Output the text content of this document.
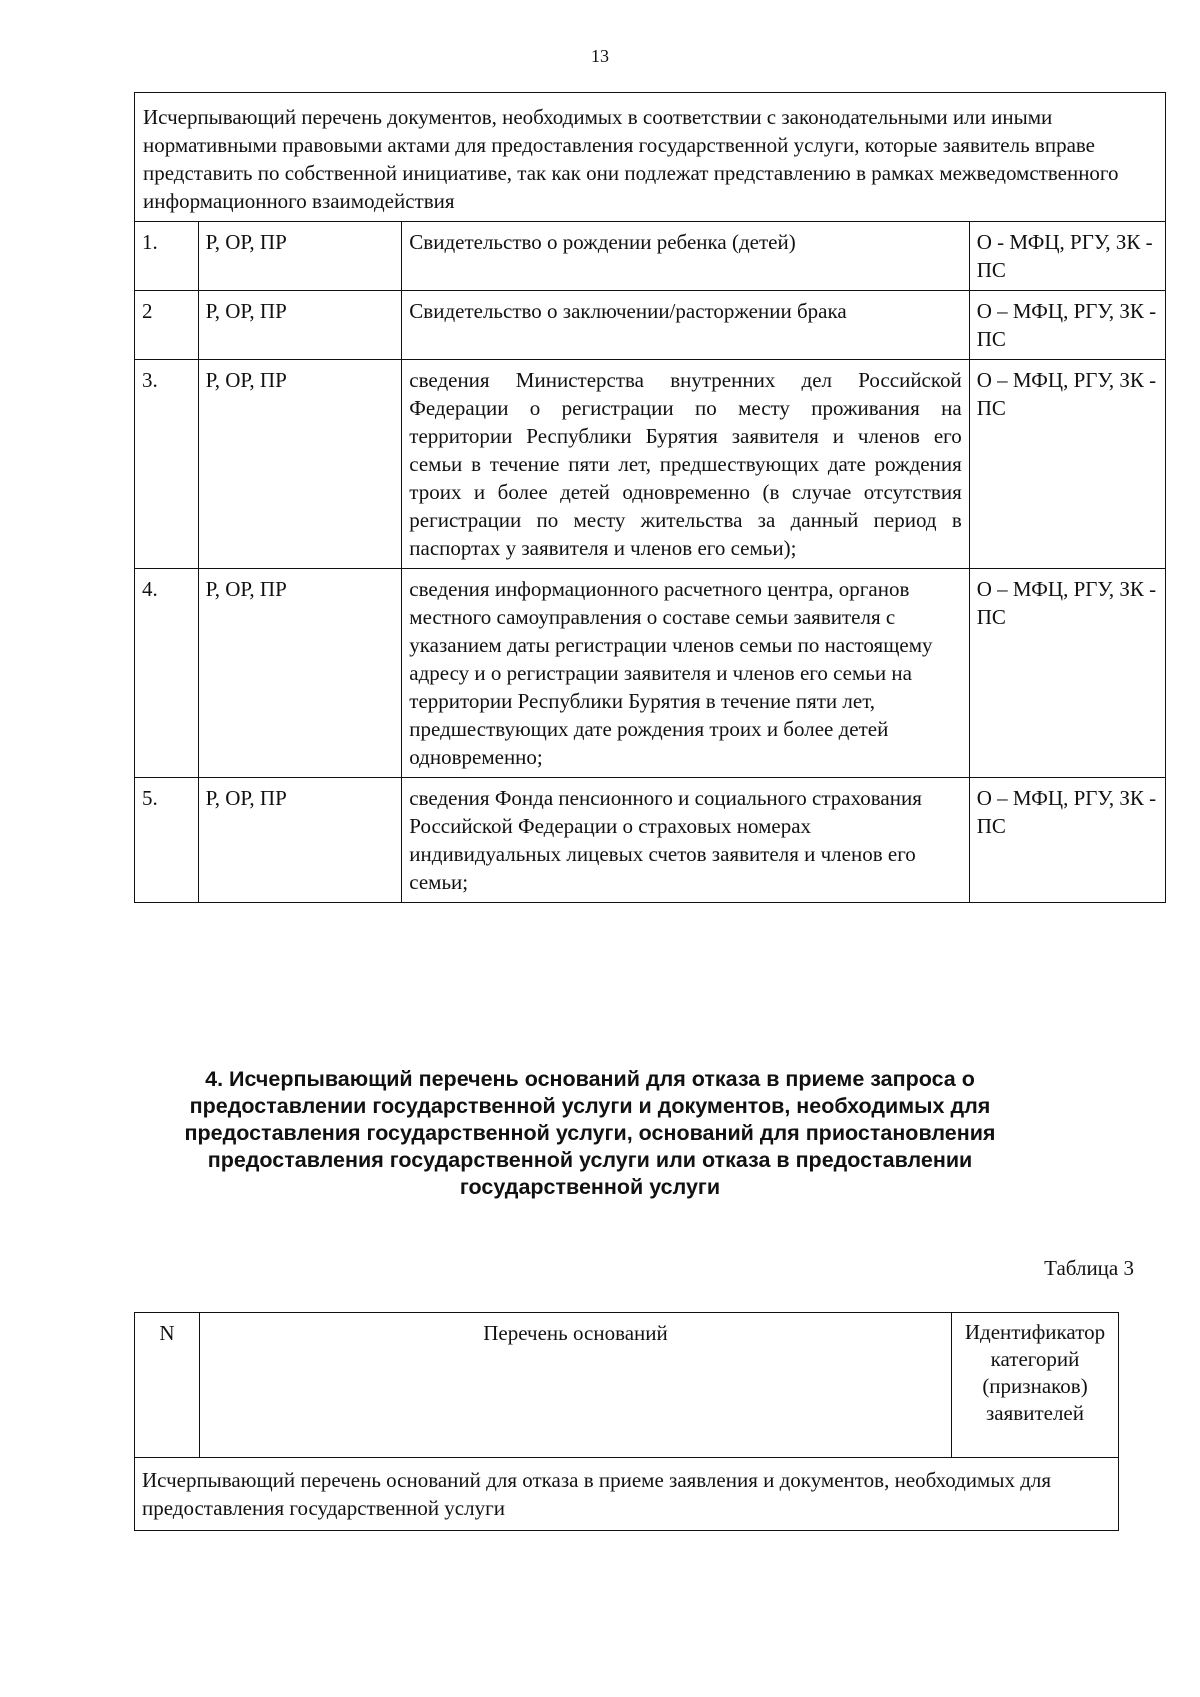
13
Исчерпывающий перечень документов, необходимых в соответствии с законодательными или иными нормативными правовыми актами для предоставления государственной услуги, которые заявитель вправе представить по собственной инициативе, так как они подлежат представлению в рамках межведомственного информационного взаимодействия			
1.	Р, ОР, ПР	Свидетельство о рождении ребенка (детей)	О - МФЦ, РГУ, ЗК - ПС
2	Р, ОР, ПР	Свидетельство о заключении/расторжении брака	О – МФЦ, РГУ, ЗК - ПС
3.	Р, ОР, ПР	сведения Министерства внутренних дел Российской Федерации о регистрации по месту проживания на территории Республики Бурятия заявителя и членов его семьи в течение пяти лет, предшествующих дате рождения троих и более детей одновременно (в случае отсутствия регистрации по месту жительства за данный период в паспортах у заявителя и членов его семьи);	О – МФЦ, РГУ, ЗК - ПС
4.	Р, ОР, ПР	сведения информационного расчетного центра, органов местного самоуправления о составе семьи заявителя с указанием даты регистрации членов семьи по настоящему адресу и о регистрации заявителя и членов его семьи на территории Республики Бурятия в течение пяти лет, предшествующих дате рождения троих и более детей одновременно;	О – МФЦ, РГУ, ЗК - ПС
5.	Р, ОР, ПР	сведения Фонда пенсионного и социального страхования Российской Федерации о страховых номерах индивидуальных лицевых счетов заявителя и членов его семьи;	О – МФЦ, РГУ, ЗК - ПС
4. Исчерпывающий перечень оснований для отказа в приеме запроса о предоставлении государственной услуги и документов, необходимых для предоставления государственной услуги, оснований для приостановления предоставления государственной услуги или отказа в предоставлении государственной услуги
Таблица 3
N	Перечень оснований	Идентификатор категорий (признаков) заявителей
Исчерпывающий перечень оснований для отказа в приеме заявления и документов, необходимых для предоставления государственной услуги
